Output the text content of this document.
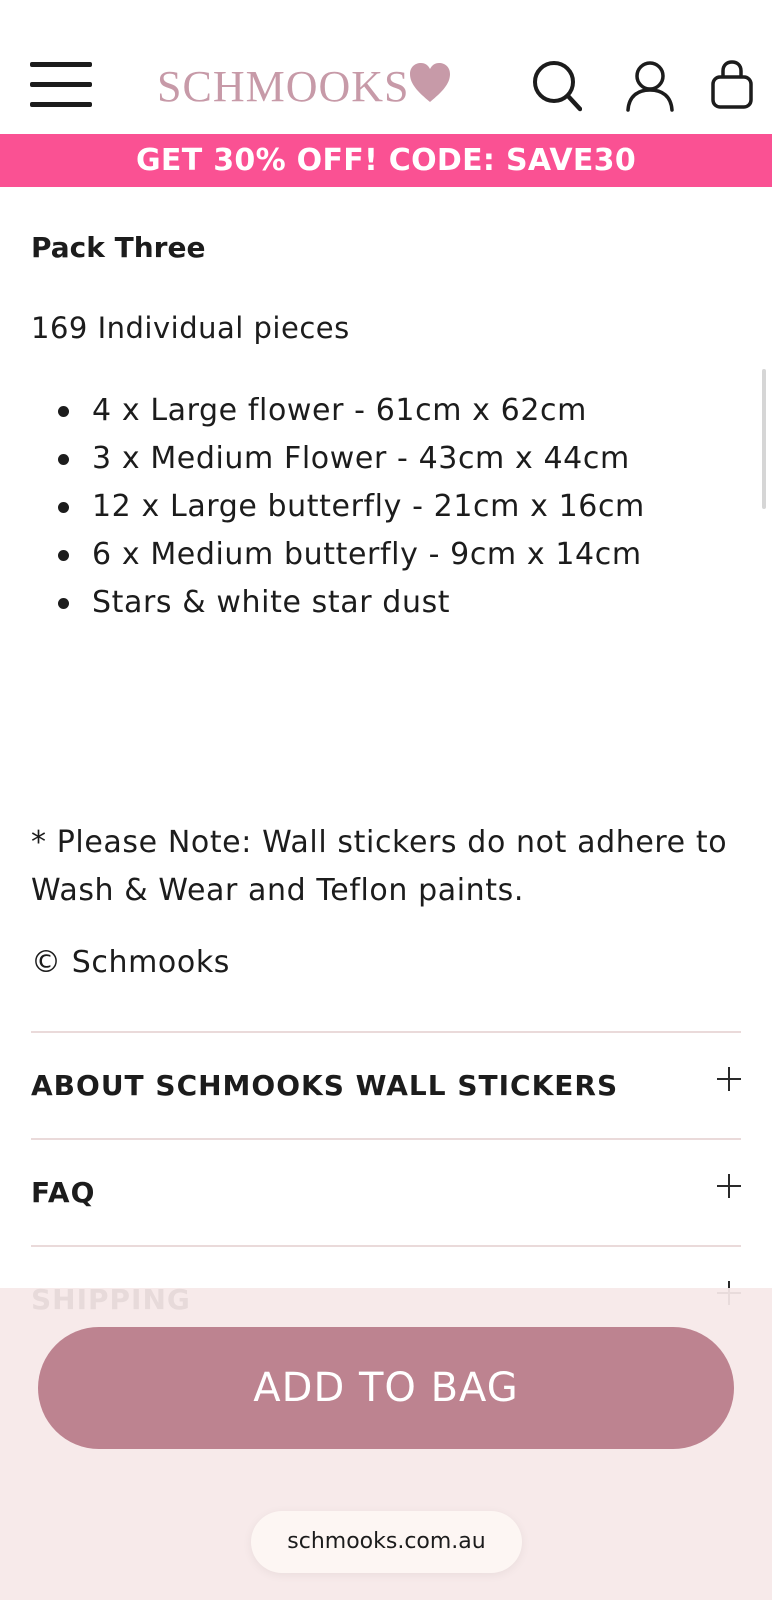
SCHMOOKS
GET 30% OFF! CODE: SAVE30

Pack Three

169 Individual pieces

4 x Large flower - 61cm x 62cm
3 x Medium Flower - 43cm x 44cm
12 x Large butterfly - 21cm x 16cm
6 x Medium butterfly - 9cm x 14cm
Stars & white star dust

* Please Note: Wall stickers do not adhere to Wash & Wear and Teflon paints.

© Schmooks

ABOUT SCHMOOKS WALL STICKERS
FAQ
ADD TO BAG
schmooks.com.au
